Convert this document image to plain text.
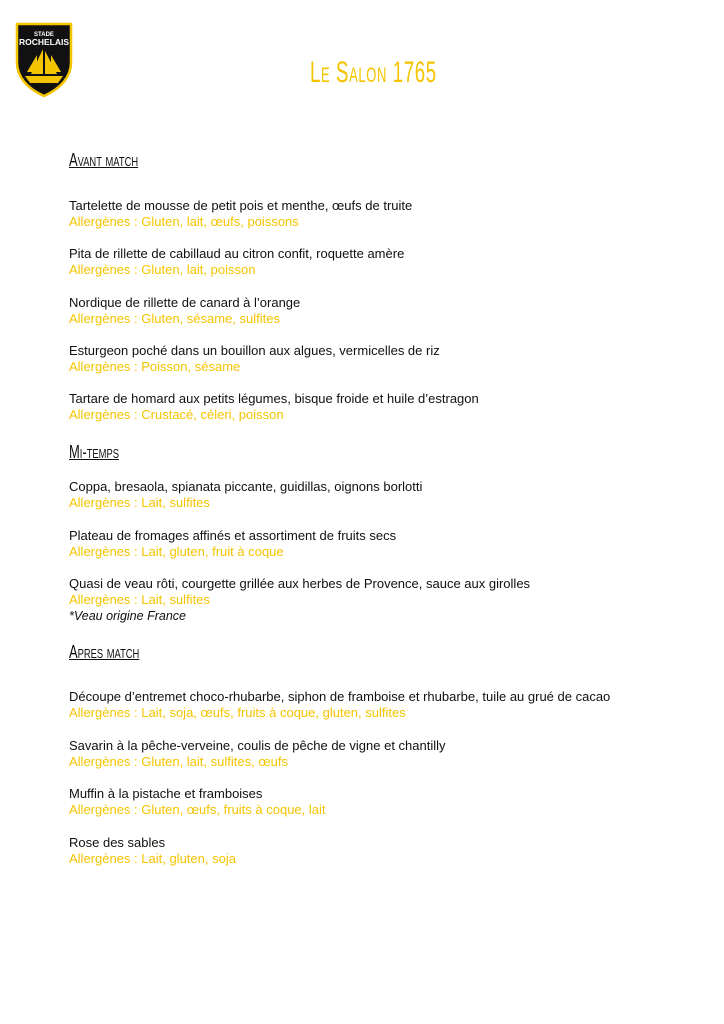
STADE
ROCHELAIS
Le Salon 1765
Avant match
Tartelette de mousse de petit pois et menthe, œufs de truite
Allergènes : Gluten, lait, œufs, poissons
Pita de rillette de cabillaud au citron confit, roquette amère
Allergènes : Gluten, lait, poisson
Nordique de rillette de canard à l’orange
Allergènes : Gluten, sésame, sulfites
Esturgeon poché dans un bouillon aux algues, vermicelles de riz
Allergènes : Poisson, sésame
Tartare de homard aux petits légumes, bisque froide et huile d’estragon
Allergènes : Crustacé, céleri, poisson
Mi-temps
Coppa, bresaola, spianata piccante, guidillas, oignons borlotti
Allergènes : Lait, sulfites
Plateau de fromages affinés et assortiment de fruits secs
Allergènes : Lait, gluten, fruit à coque
Quasi de veau rôti, courgette grillée aux herbes de Provence, sauce aux girolles
Allergènes : Lait, sulfites
*Veau origine France
Apres match
Découpe d’entremet choco-rhubarbe, siphon de framboise et rhubarbe, tuile au grué de cacao
Allergènes : Lait, soja, œufs, fruits à coque, gluten, sulfites
Savarin à la pêche-verveine, coulis de pêche de vigne et chantilly
Allergènes : Gluten, lait, sulfites, œufs
Muffin à la pistache et framboises
Allergènes : Gluten, œufs, fruits à coque, lait
Rose des sables
Allergènes : Lait, gluten, soja
